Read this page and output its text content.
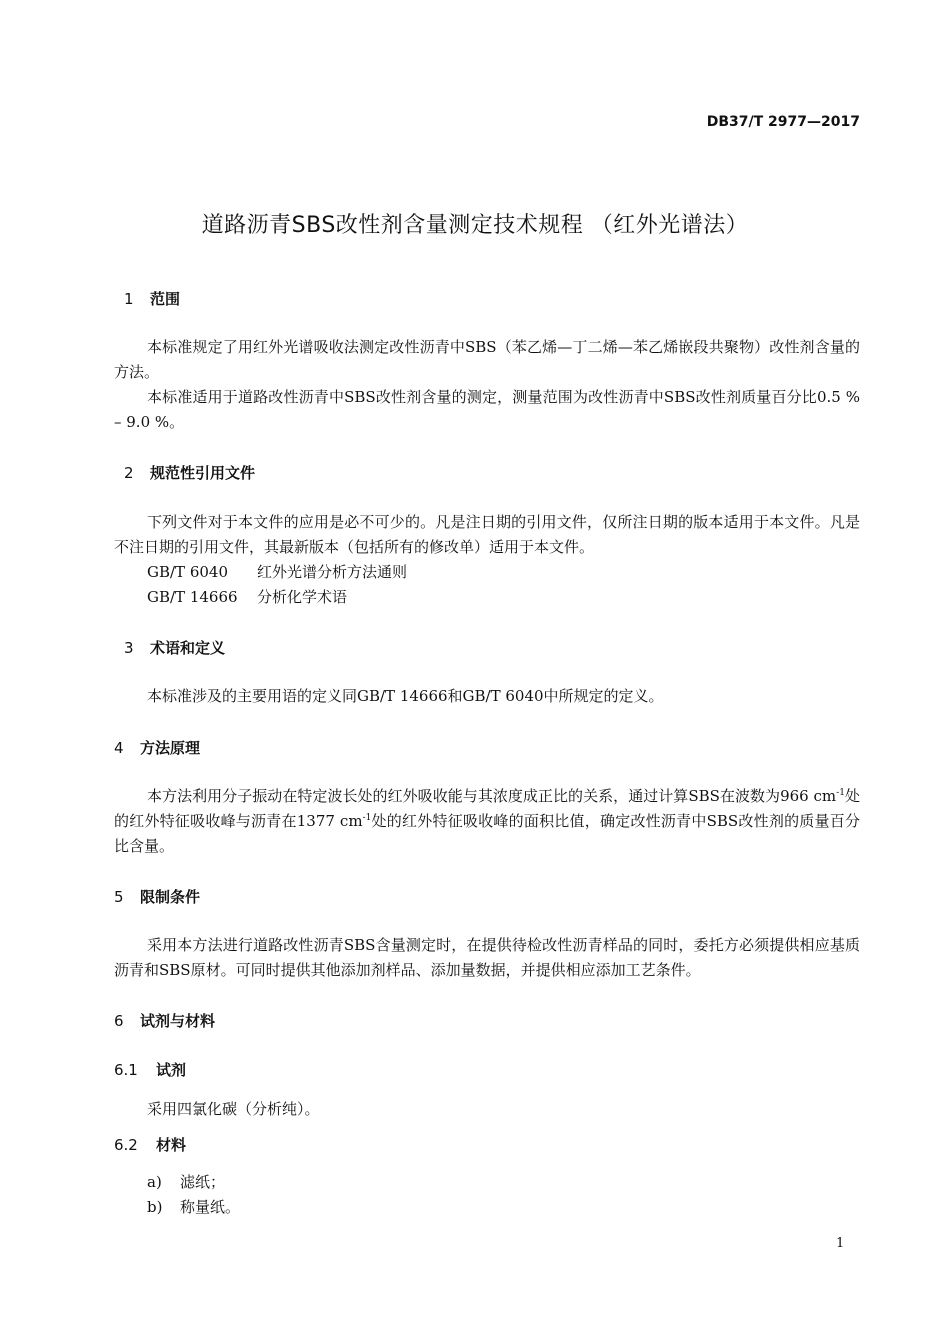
DB37/T 2977—2017
道路沥青SBS改性剂含量测定技术规程 （红外光谱法）
1 范围
本标准规定了用红外光谱吸收法测定改性沥青中SBS（苯乙烯—丁二烯—苯乙烯嵌段共聚物）改性剂含量的方法。
本标准适用于道路改性沥青中SBS改性剂含量的测定，测量范围为改性沥青中SBS改性剂质量百分比0.5 % – 9.0 %。
2 规范性引用文件
下列文件对于本文件的应用是必不可少的。凡是注日期的引用文件，仅所注日期的版本适用于本文件。凡是不注日期的引用文件，其最新版本（包括所有的修改单）适用于本文件。
GB/T 6040 红外光谱分析方法通则
GB/T 14666 分析化学术语
3 术语和定义
本标准涉及的主要用语的定义同GB/T 14666和GB/T 6040中所规定的定义。
4 方法原理
本方法利用分子振动在特定波长处的红外吸收能与其浓度成正比的关系，通过计算SBS在波数为966 $cm^{-1}$处的红外特征吸收峰与沥青在1377 $cm^{-1}$处的红外特征吸收峰的面积比值，确定改性沥青中SBS改性剂的质量百分比含量。
5 限制条件
采用本方法进行道路改性沥青SBS含量测定时，在提供待检改性沥青样品的同时，委托方必须提供相应基质沥青和SBS原材。可同时提供其他添加剂样品、添加量数据，并提供相应添加工艺条件。
6 试剂与材料
6.1 试剂
采用四氯化碳（分析纯）。
6.2 材料
a) 滤纸；
b) 称量纸。
1
